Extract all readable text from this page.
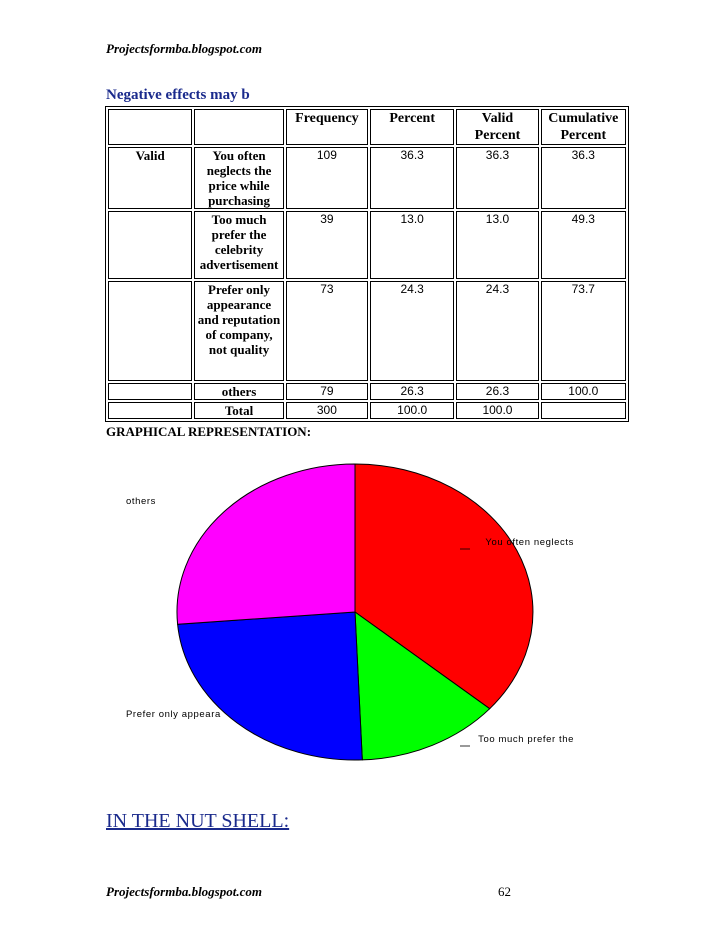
Projectsformba.blogspot.com
Negative effects may b
		Frequency	Percent	Valid Percent	Cumulative Percent
Valid	You often neglects the price while purchasing	109	36.3	36.3	36.3
	Too much prefer the celebrity advertisement	39	13.0	13.0	49.3
	Prefer only appearance and reputation of company, not quality	73	24.3	24.3	73.7
	others	79	26.3	26.3	100.0
	Total	300	100.0	100.0	
GRAPHICAL REPRESENTATION:
You often neglects
Too much prefer the
Prefer only appeara
others
IN THE NUT SHELL:
Projectsformba.blogspot.com	62
